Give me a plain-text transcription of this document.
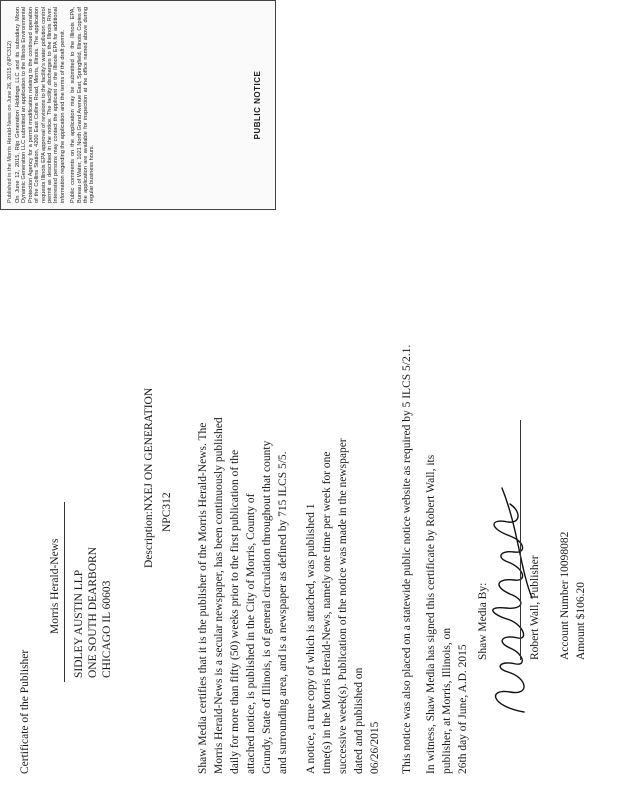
Certificate of the Publisher
Morris Herald-News SIDLEY AUSTIN LLP ONE SOUTH DEARBORN CHICAGO IL 60603
Description:NXEJ ON GENERATION NPC312 Shaw Media certifies that it is the publisher of the Morris Herald-News. The Morris Herald-News is a secular newspaper, has been continuously published daily for more than fifty (50) weeks prior to the first publication of the attached notice, is published in the City of Morris, County of Grundy, State of Illinois, is of general circulation throughout that county and surrounding area, and is a newspaper as defined by 715 ILCS 5/5. A notice, a true copy of which is attached, was published 1 time(s) in the Morris Herald-News, namely one time per week for one successive week(s). Publication of the notice was made in the newspaper dated and published on 06/26/2015 This notice was also placed on a statewide public notice website as required by 5 ILCS 5/2.1. In witness, Shaw Media has signed this certificate by Robert Wall, its publisher, at Morris, Illinois, on 26th day of June, A.D. 2015
Shaw Media By:	Robert Wall, Publisher Account Number 10098082 Amount $106.20
Published in the Morris Herald-News on June 26, 2015 (NPC312) On June 12, 2015, Rijo Generation Holdings LLC and its subsidiary Moon Dynamic Generation LLC submitted an application to the Illinois Environmental Protection Agency for a permit modification relating to the continued operation of the Collins Station, 4200 East Collins Road, Morris, Illinois. The application requests Illinois EPA approval of revisions to the facility's water pollution control permit as described in the notice. The facility discharges to the Illinois River. Interested persons may contact the applicant or the Illinois EPA for additional information regarding the application and the terms of the draft permit. Public comments on the application may be submitted to the Illinois EPA, Bureau of Water, 1021 North Grand Avenue East, Springfield, Illinois. Copies of the application are available for inspection at the office named above during regular business hours.

PUBLIC NOTICE
